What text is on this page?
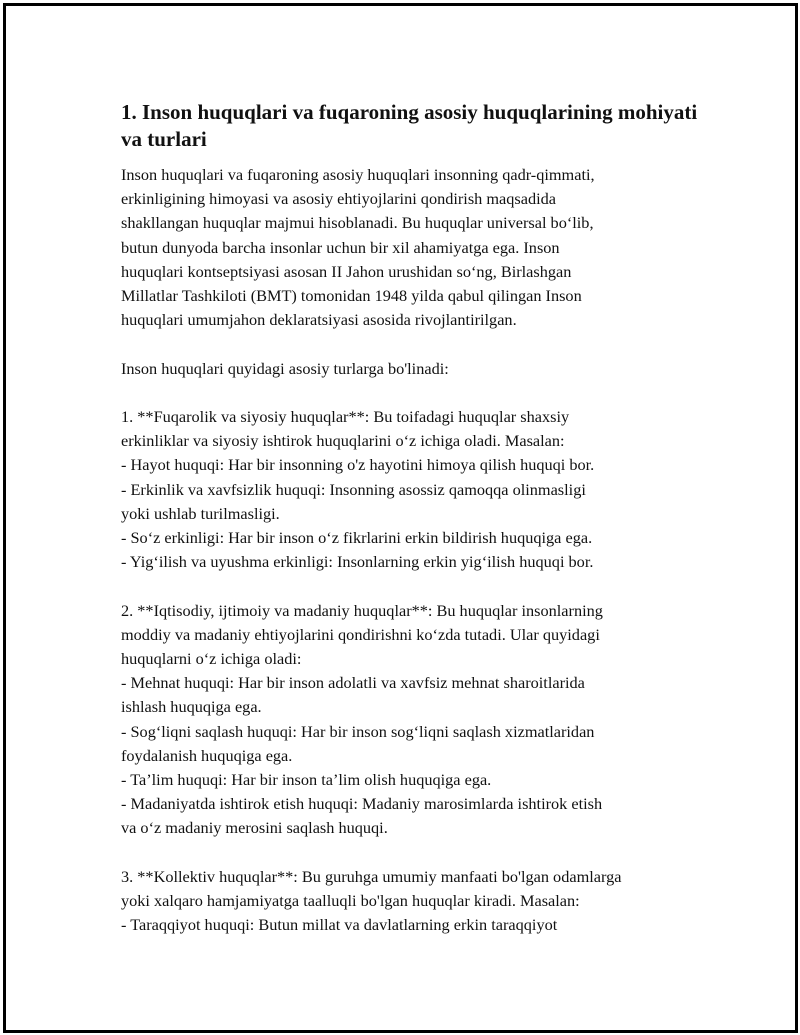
1. Inson huquqlari va fuqaroning asosiy huquqlarining mohiyati va turlari

Inson huquqlari va fuqaroning asosiy huquqlari insonning qadr-qimmati,
erkinligining himoyasi va asosiy ehtiyojlarini qondirish maqsadida
shakllangan huquqlar majmui hisoblanadi. Bu huquqlar universal bo‘lib,
butun dunyoda barcha insonlar uchun bir xil ahamiyatga ega. Inson
huquqlari kontseptsiyasi asosan II Jahon urushidan so‘ng, Birlashgan
Millatlar Tashkiloti (BMT) tomonidan 1948 yilda qabul qilingan Inson
huquqlari umumjahon deklaratsiyasi asosida rivojlantirilgan.

Inson huquqlari quyidagi asosiy turlarga bo'linadi:

1. **Fuqarolik va siyosiy huquqlar**: Bu toifadagi huquqlar shaxsiy
erkinliklar va siyosiy ishtirok huquqlarini o‘z ichiga oladi. Masalan:
- Hayot huquqi: Har bir insonning o'z hayotini himoya qilish huquqi bor.
- Erkinlik va xavfsizlik huquqi: Insonning asossiz qamoqqa olinmasligi
yoki ushlab turilmasligi.
- So‘z erkinligi: Har bir inson o‘z fikrlarini erkin bildirish huquqiga ega.
- Yig‘ilish va uyushma erkinligi: Insonlarning erkin yig‘ilish huquqi bor.

2. **Iqtisodiy, ijtimoiy va madaniy huquqlar**: Bu huquqlar insonlarning
moddiy va madaniy ehtiyojlarini qondirishni ko‘zda tutadi. Ular quyidagi
huquqlarni o‘z ichiga oladi:
- Mehnat huquqi: Har bir inson adolatli va xavfsiz mehnat sharoitlarida
ishlash huquqiga ega.
- Sog‘liqni saqlash huquqi: Har bir inson sog‘liqni saqlash xizmatlaridan
foydalanish huquqiga ega.
- Ta’lim huquqi: Har bir inson ta’lim olish huquqiga ega.
- Madaniyatda ishtirok etish huquqi: Madaniy marosimlarda ishtirok etish
va o‘z madaniy merosini saqlash huquqi.

3. **Kollektiv huquqlar**: Bu guruhga umumiy manfaati bo'lgan odamlarga
yoki xalqaro hamjamiyatga taalluqli bo'lgan huquqlar kiradi. Masalan:
- Taraqqiyot huquqi: Butun millat va davlatlarning erkin taraqqiyot
